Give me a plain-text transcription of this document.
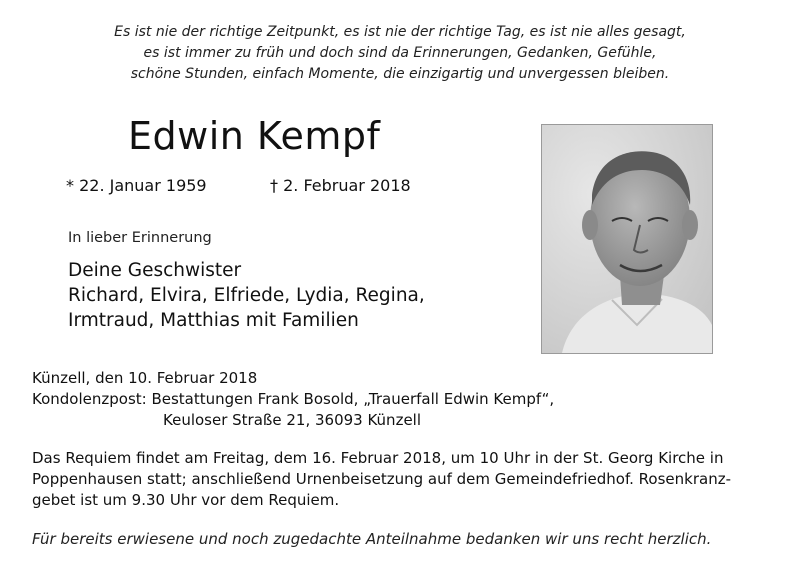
Es ist nie der richtige Zeitpunkt, es ist nie der richtige Tag, es ist nie alles gesagt,
es ist immer zu früh und doch sind da Erinnerungen, Gedanken, Gefühle,
schöne Stunden, einfach Momente, die einzigartig und unvergessen bleiben.
Edwin Kempf
* 22. Januar 1959	† 2. Februar 2018
In lieber Erinnerung
Deine Geschwister
Richard, Elvira, Elfriede, Lydia, Regina,
Irmtraud, Matthias mit Familien
Künzell, den 10. Februar 2018
Kondolenzpost: Bestattungen Frank Bosold, „Trauerfall Edwin Kempf“,
Keuloser Straße 21, 36093 Künzell
Das Requiem findet am Freitag, dem 16. Februar 2018, um 10 Uhr in der St. Georg Kirche in
Poppenhausen statt; anschließend Urnenbeisetzung auf dem Gemeindefriedhof. Rosenkranz-
gebet ist um 9.30 Uhr vor dem Requiem.
Für bereits erwiesene und noch zugedachte Anteilnahme bedanken wir uns recht herzlich.
